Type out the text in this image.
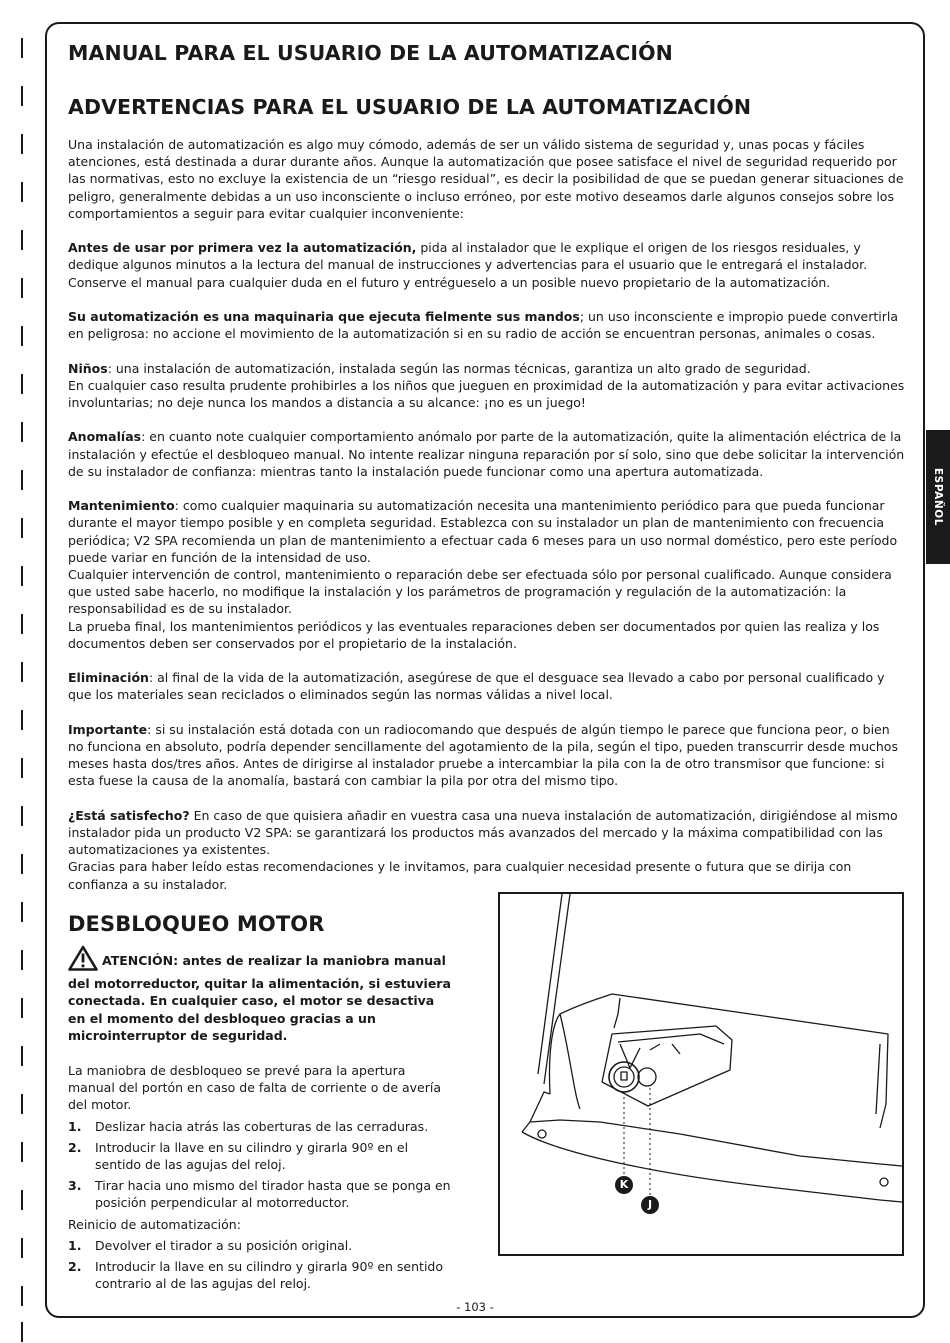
ESPAÑOL
MANUAL PARA EL USUARIO DE LA AUTOMATIZACIÓN
ADVERTENCIAS PARA EL USUARIO DE LA AUTOMATIZACIÓN

Una instalación de automatización es algo muy cómodo, además de ser un válido sistema de seguridad y, unas pocas y fáciles atenciones, está destinada a durar durante años. Aunque la automatización que posee satisface el nivel de seguridad requerido por las normativas, esto no excluye la existencia de un “riesgo residual”, es decir la posibilidad de que se puedan generar situaciones de peligro, generalmente debidas a un uso inconsciente o incluso erróneo, por este motivo deseamos darle algunos consejos sobre los comportamientos a seguir para evitar cualquier inconveniente:

Antes de usar por primera vez la automatización, pida al instalador que le explique el origen de los riesgos residuales, y dedique algunos minutos a la lectura del manual de instrucciones y advertencias para el usuario que le entregará el instalador.

Conserve el manual para cualquier duda en el futuro y entrégueselo a un posible nuevo propietario de la automatización.

Su automatización es una maquinaria que ejecuta fielmente sus mandos; un uso inconsciente e impropio puede convertirla en peligrosa: no accione el movimiento de la automatización si en su radio de acción se encuentran personas, animales o cosas.

Niños: una instalación de automatización, instalada según las normas técnicas, garantiza un alto grado de seguridad.

En cualquier caso resulta prudente prohibirles a los niños que jueguen en proximidad de la automatización y para evitar activaciones involuntarias; no deje nunca los mandos a distancia a su alcance: ¡no es un juego!

Anomalías: en cuanto note cualquier comportamiento anómalo por parte de la automatización, quite la alimentación eléctrica de la instalación y efectúe el desbloqueo manual. No intente realizar ninguna reparación por sí solo, sino que debe solicitar la intervención de su instalador de confianza: mientras tanto la instalación puede funcionar como una apertura automatizada.

Mantenimiento: como cualquier maquinaria su automatización necesita una mantenimiento periódico para que pueda funcionar durante el mayor tiempo posible y en completa seguridad. Establezca con su instalador un plan de mantenimiento con frecuencia periódica; V2 SPA recomienda un plan de mantenimiento a efectuar cada 6 meses para un uso normal doméstico, pero este período puede variar en función de la intensidad de uso.

Cualquier intervención de control, mantenimiento o reparación debe ser efectuada sólo por personal cualificado. Aunque considera que usted sabe hacerlo, no modifique la instalación y los parámetros de programación y regulación de la automatización: la responsabilidad es de su instalador.

La prueba final, los mantenimientos periódicos y las eventuales reparaciones deben ser documentados por quien las realiza y los documentos deben ser conservados por el propietario de la instalación.

Eliminación: al final de la vida de la automatización, asegúrese de que el desguace sea llevado a cabo por personal cualificado y que los materiales sean reciclados o eliminados según las normas válidas a nivel local.

Importante: si su instalación está dotada con un radiocomando que después de algún tiempo le parece que funciona peor, o bien no funciona en absoluto, podría depender sencillamente del agotamiento de la pila, según el tipo, pueden transcurrir desde muchos meses hasta dos/tres años. Antes de dirigirse al instalador pruebe a intercambiar la pila con la de otro transmisor que funcione: si esta fuese la causa de la anomalía, bastará con cambiar la pila por otra del mismo tipo.

¿Está satisfecho? En caso de que quisiera añadir en vuestra casa una nueva instalación de automatización, dirigiéndose al mismo instalador pida un producto V2 SPA: se garantizará los productos más avanzados del mercado y la máxima compatibilidad con las automatizaciones ya existentes.

Gracias para haber leído estas recomendaciones y le invitamos, para cualquier necesidad presente o futura que se dirija con confianza a su instalador.

DESBLOQUEO MOTOR
ATENCIÓN: antes de realizar la maniobra manual del motorreductor, quitar la alimentación, si estuviera conectada. En cualquier caso, el motor se desactiva en el momento del desbloqueo gracias a un microinterruptor de seguridad.

La maniobra de desbloqueo se prevé para la apertura manual del portón en caso de falta de corriente o de avería del motor.

1. Deslizar hacia atrás las coberturas de las cerraduras.
2. Introducir la llave en su cilindro y girarla 90º en el sentido de las agujas del reloj.
3. Tirar hacia uno mismo del tirador hasta que se ponga en posición perpendicular al motorreductor.

Reinicio de automatización:

1. Devolver el tirador a su posición original.
2. Introducir la llave en su cilindro y girarla 90º en sentido contrario al de las agujas del reloj.
K
J
- 103 -
